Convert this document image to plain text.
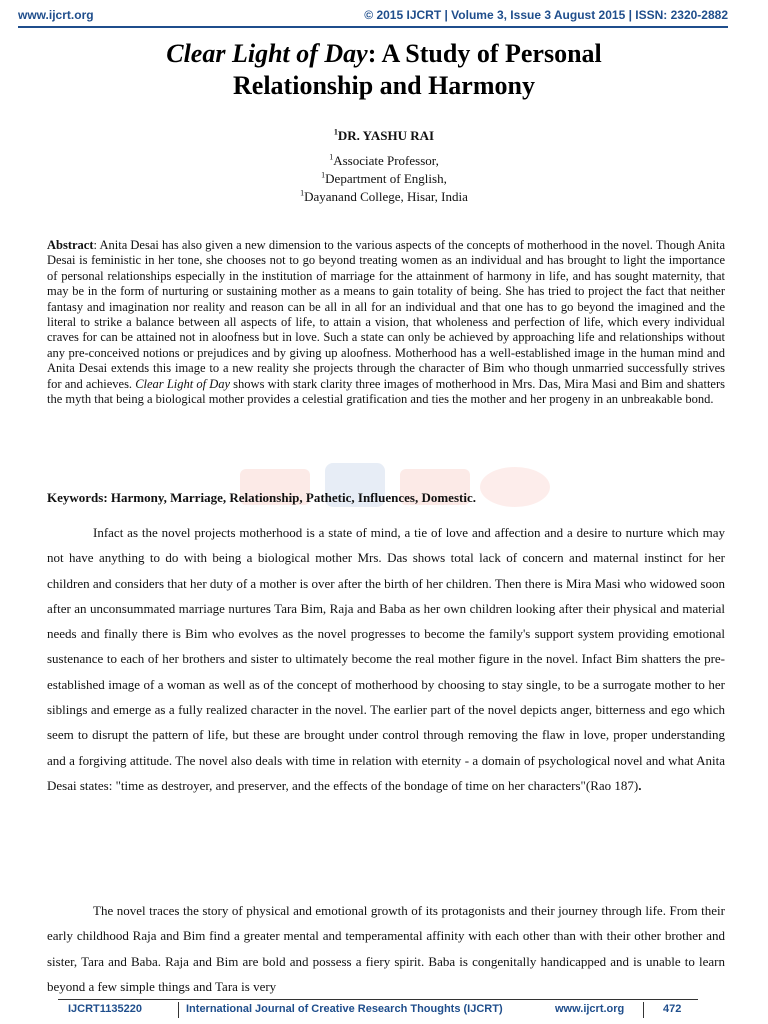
www.ijcrt.org	© 2015 IJCRT | Volume 3, Issue 3 August 2015 | ISSN: 2320-2882
Clear Light of Day: A Study of Personal
Relationship and Harmony
$^1$DR. YASHU RAI
$^1$Associate Professor,
$^1$Department of English,
$^1$Dayanand College, Hisar, India
Abstract: Anita Desai has also given a new dimension to the various aspects of the concepts of motherhood in the novel. Though Anita Desai is feministic in her tone, she chooses not to go beyond treating women as an individual and has brought to light the importance of personal relationships especially in the institution of marriage for the attainment of harmony in life, and has sought maternity, that may be in the form of nurturing or sustaining mother as a means to gain totality of being. She has tried to project the fact that neither fantasy and imagination nor reality and reason can be all in all for an individual and that one has to go beyond the imagined and the literal to strike a balance between all aspects of life, to attain a vision, that wholeness and perfection of life, which every individual craves for can be attained not in aloofness but in love. Such a state can only be achieved by approaching life and relationships without any pre-conceived notions or prejudices and by giving up aloofness. Motherhood has a well-established image in the human mind and Anita Desai extends this image to a new reality she projects through the character of Bim who though unmarried successfully strives for and achieves. Clear Light of Day shows with stark clarity three images of motherhood in Mrs. Das, Mira Masi and Bim and shatters the myth that being a biological mother provides a celestial gratification and ties the mother and her progeny in an unbreakable bond.
Keywords: Harmony, Marriage, Relationship, Pathetic, Influences, Domestic.
Infact as the novel projects motherhood is a state of mind, a tie of love and affection and a desire to nurture which may not have anything to do with being a biological mother Mrs. Das shows total lack of concern and maternal instinct for her children and considers that her duty of a mother is over after the birth of her children. Then there is Mira Masi who widowed soon after an unconsummated marriage nurtures Tara Bim, Raja and Baba as her own children looking after their physical and material needs and finally there is Bim who evolves as the novel progresses to become the family's support system providing emotional sustenance to each of her brothers and sister to ultimately become the real mother figure in the novel. Infact Bim shatters the pre- established image of a woman as well as of the concept of motherhood by choosing to stay single, to be a surrogate mother to her siblings and emerge as a fully realized character in the novel. The earlier part of the novel depicts anger, bitterness and ego which seem to disrupt the pattern of life, but these are brought under control through removing the flaw in love, proper understanding and a forgiving attitude. The novel also deals with time in relation with eternity - a domain of psychological novel and what Anita Desai states: "time as destroyer, and preserver, and the effects of the bondage of time on her characters"(Rao 187).
The novel traces the story of physical and emotional growth of its protagonists and their journey through life. From their early childhood Raja and Bim find a greater mental and temperamental affinity with each other than with their other brother and sister, Tara and Baba. Raja and Bim are bold and possess a fiery spirit. Baba is congenitally handicapped and is unable to learn beyond a few simple things and Tara is very
IJCRT1135220	International Journal of Creative Research Thoughts (IJCRT)	www.ijcrt.org	472
